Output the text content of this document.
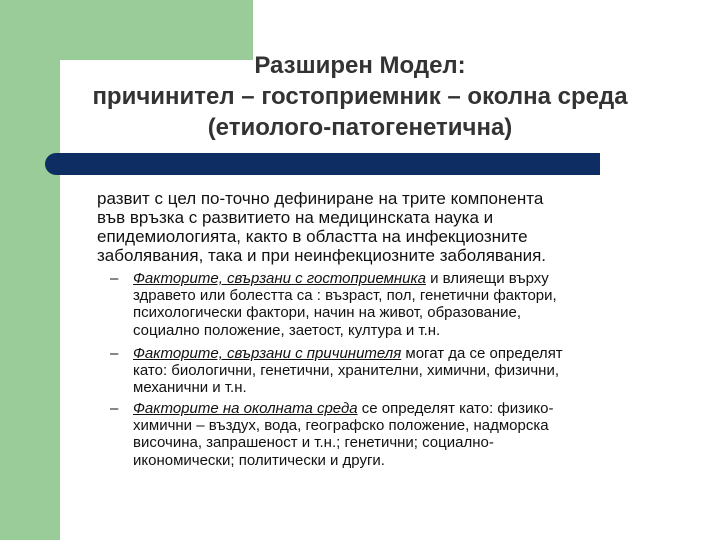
Разширен Модел:
причинител – гостоприемник – околна среда
(етиолого-патогенетична)
развит с цел по-точно дефиниране на трите компонента
във връзка с развитието на медицинската наука и
епидемиологията, както в областта на инфекциозните
заболявания, така и при неинфекциозните заболявания.
– Факторите, свързани с гостоприемника и влияещи върху
здравето или болестта са : възраст, пол, генетични фактори,
психологически фактори, начин на живот, образование,
социално положение, заетост, култура и т.н.
– Факторите, свързани с причинителя могат да се определят
като: биологични, генетични, хранителни, химични, физични,
механични и т.н.
– Факторите на околната среда се определят като: физико-
химични – въздух, вода, географско положение, надморска
височина, запрашеност и т.н.; генетични; социално-
икономически; политически и други.
